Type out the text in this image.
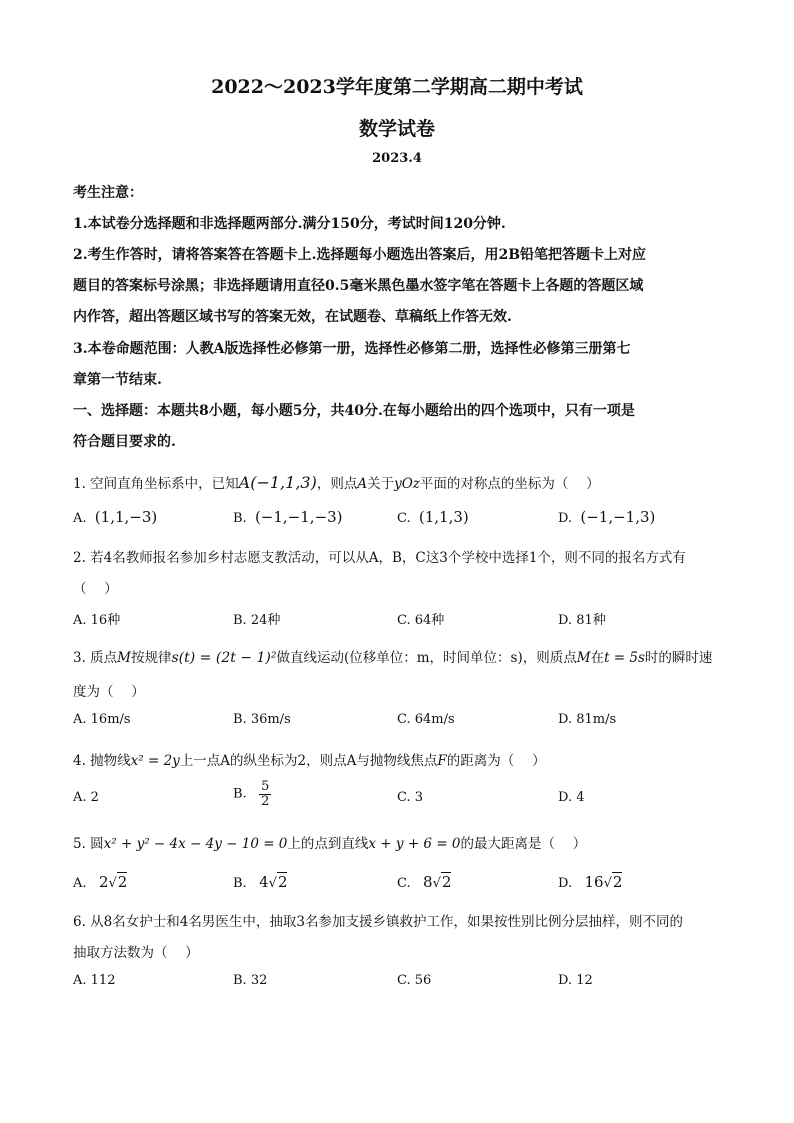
2022～2023学年度第二学期高二期中考试
数学试卷
2023.4
考生注意：
1.本试卷分选择题和非选择题两部分.满分150分，考试时间120分钟.
2.考生作答时，请将答案答在答题卡上.选择题每小题选出答案后，用2B铅笔把答题卡上对应
题目的答案标号涂黑；非选择题请用直径0.5毫米黑色墨水签字笔在答题卡上各题的答题区域
内作答，超出答题区域书写的答案无效，在试题卷、草稿纸上作答无效.
3.本卷命题范围：人教A版选择性必修第一册，选择性必修第二册，选择性必修第三册第七
章第一节结束.
一、选择题：本题共8小题，每小题5分，共40分.在每小题给出的四个选项中，只有一项是
符合题目要求的.
1. 空间直角坐标系中，已知A(−1,1,3)，则点A关于yOz平面的对称点的坐标为（　 ）
A. (1,1,−3)	B. (−1,−1,−3)	C. (1,1,3)	D. (−1,−1,3)
2. 若4名教师报名参加乡村志愿支教活动，可以从A，B，C这3个学校中选择1个，则不同的报名方式有
（　 ）
A. 16种	B. 24种	C. 64种	D. 81种
3. 质点M按规律s(t) = (2t − 1)²做直线运动(位移单位：m，时间单位：s)，则质点M在t = 5s时的瞬时速
度为（　 ）
A. 16m/s	B. 36m/s	C. 64m/s	D. 81m/s
4. 抛物线x² = 2y上一点A的纵坐标为2，则点A与抛物线焦点F的距离为（　 ）
A. 2	B. $\frac{5}{2}$	C. 3	D. 4
5. 圆x² + y² − 4x − 4y − 10 = 0上的点到直线x + y + 6 = 0的最大距离是（　 ）
A. 2√2	B. 4√2	C. 8√2	D. 16√2
6. 从8名女护士和4名男医生中，抽取3名参加支援乡镇救护工作，如果按性别比例分层抽样，则不同的
抽取方法数为（　 ）
A. 112	B. 32	C. 56	D. 12
